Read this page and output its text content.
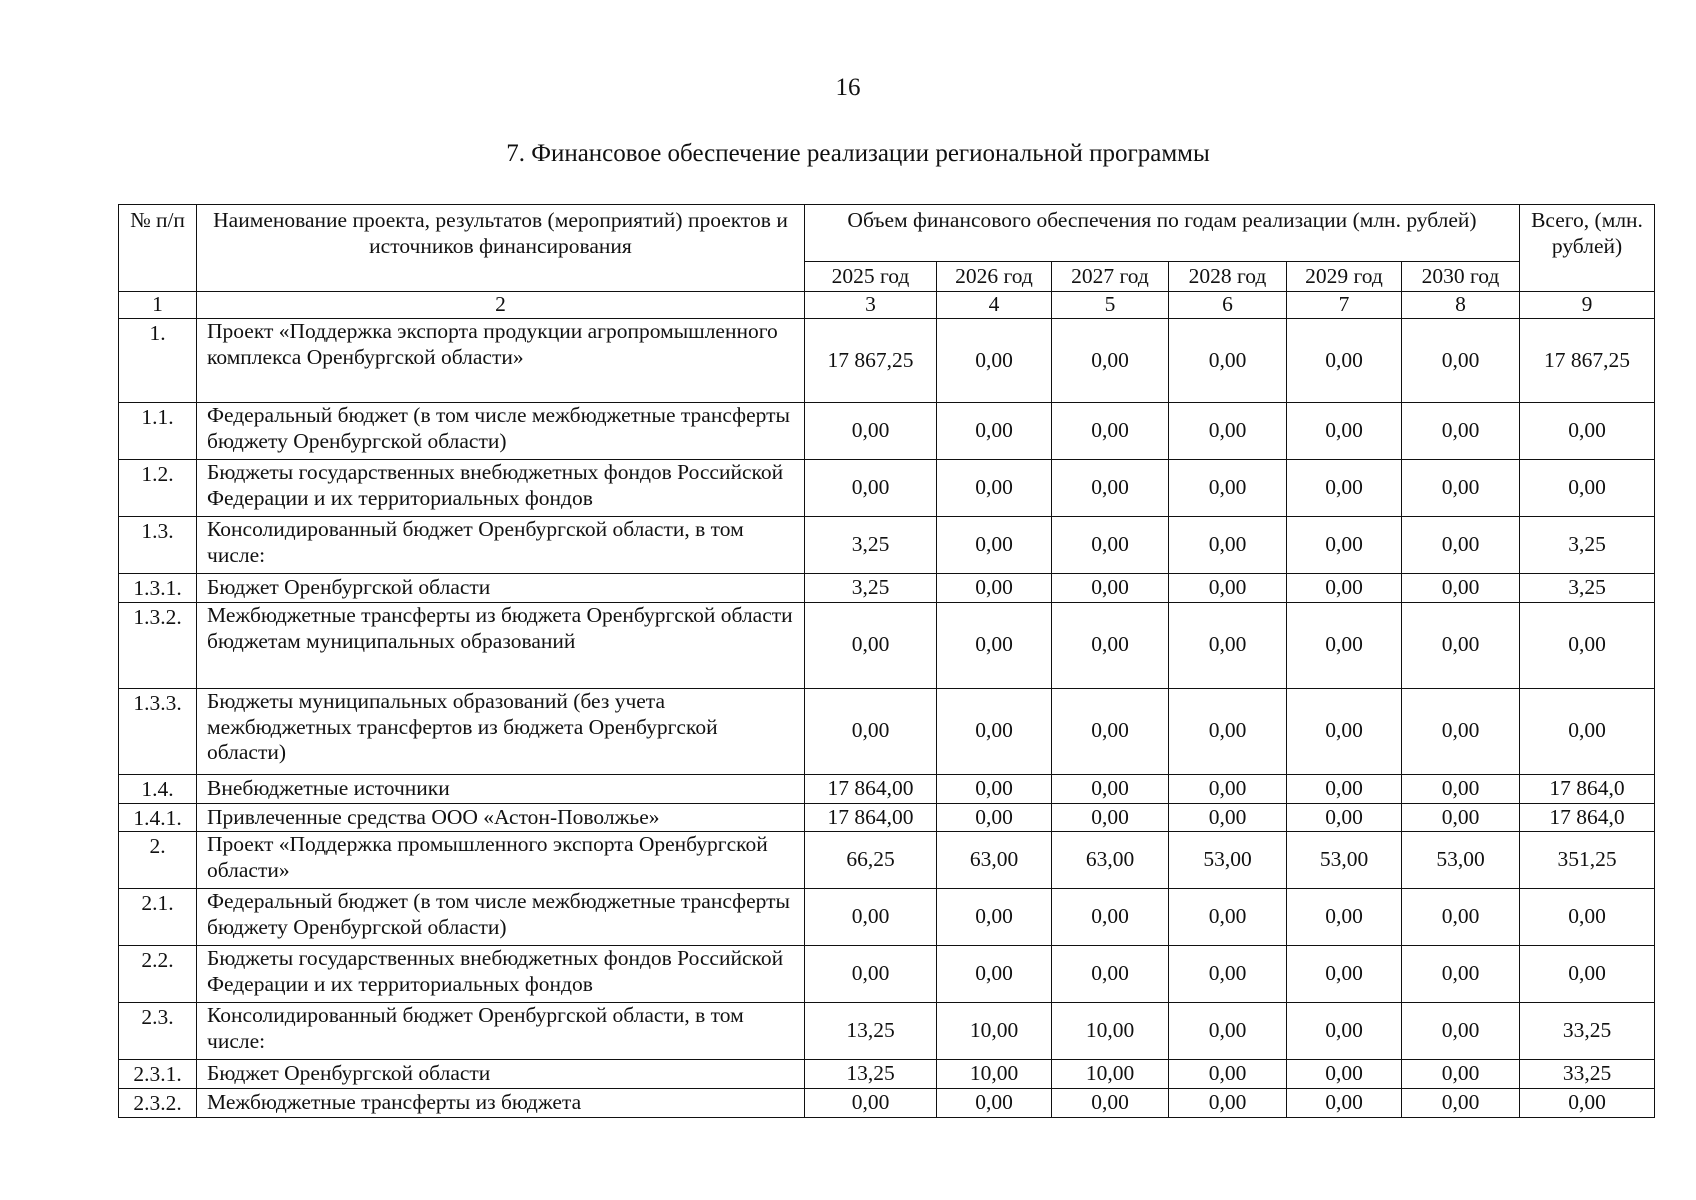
16
7. Финансовое обеспечение реализации региональной программы
№ п/п	Наименование проекта, результатов (мероприятий) проектов и источников финансирования	Объем финансового обеспечения по годам реализации (млн. рублей)						Всего, (млн. рублей)
		2025 год	2026 год	2027 год	2028 год	2029 год	2030 год	
1	2	3	4	5	6	7	8	9
1.	Проект «Поддержка экспорта продукции агропромышленного комплекса Оренбургской области»	17 867,25	0,00	0,00	0,00	0,00	0,00	17 867,25
1.1.	Федеральный бюджет (в том числе межбюджетные трансферты бюджету Оренбургской области)	0,00	0,00	0,00	0,00	0,00	0,00	0,00
1.2.	Бюджеты государственных внебюджетных фондов Российской Федерации и их территориальных фондов	0,00	0,00	0,00	0,00	0,00	0,00	0,00
1.3.	Консолидированный бюджет Оренбургской области, в том числе:	3,25	0,00	0,00	0,00	0,00	0,00	3,25
1.3.1.	Бюджет Оренбургской области	3,25	0,00	0,00	0,00	0,00	0,00	3,25
1.3.2.	Межбюджетные трансферты из бюджета Оренбургской области бюджетам муниципальных образований	0,00	0,00	0,00	0,00	0,00	0,00	0,00
1.3.3.	Бюджеты муниципальных образований (без учета межбюджетных трансфертов из бюджета Оренбургской области)	0,00	0,00	0,00	0,00	0,00	0,00	0,00
1.4.	Внебюджетные источники	17 864,00	0,00	0,00	0,00	0,00	0,00	17 864,0
1.4.1.	Привлеченные средства ООО «Астон-Поволжье»	17 864,00	0,00	0,00	0,00	0,00	0,00	17 864,0
2.	Проект «Поддержка промышленного экспорта Оренбургской области»	66,25	63,00	63,00	53,00	53,00	53,00	351,25
2.1.	Федеральный бюджет (в том числе межбюджетные трансферты бюджету Оренбургской области)	0,00	0,00	0,00	0,00	0,00	0,00	0,00
2.2.	Бюджеты государственных внебюджетных фондов Российской Федерации и их территориальных фондов	0,00	0,00	0,00	0,00	0,00	0,00	0,00
2.3.	Консолидированный бюджет Оренбургской области, в том числе:	13,25	10,00	10,00	0,00	0,00	0,00	33,25
2.3.1.	Бюджет Оренбургской области	13,25	10,00	10,00	0,00	0,00	0,00	33,25
2.3.2.	Межбюджетные трансферты из бюджета	0,00	0,00	0,00	0,00	0,00	0,00	0,00
